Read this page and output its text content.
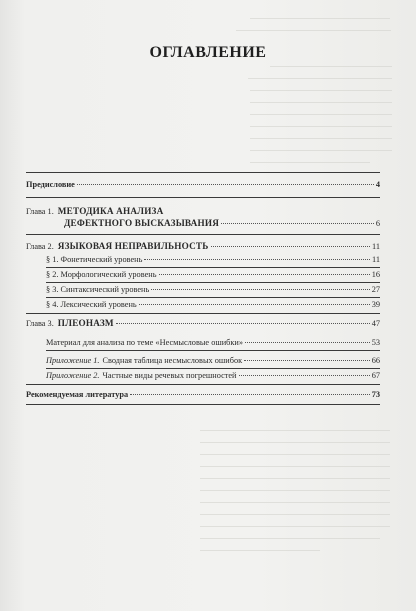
ОГЛАВЛЕНИЕ
Предисловие	4
Глава 1. МЕТОДИКА АНАЛИЗА
ДЕФЕКТНОГО ВЫСКАЗЫВАНИЯ	6
Глава 2. ЯЗЫКОВАЯ НЕПРАВИЛЬНОСТЬ	11
§ 1. Фонетический уровень	11
§ 2. Морфологический уровень	16
§ 3. Синтаксический уровень	27
§ 4. Лексический уровень	39
Глава 3. ПЛЕОНАЗМ	47
Материал для анализа по теме «Несмысловые ошибки»	53
Приложение 1. Сводная таблица несмысловых ошибок	66
Приложение 2. Частные виды речевых погрешностей	67
Рекомендуемая литература	73
